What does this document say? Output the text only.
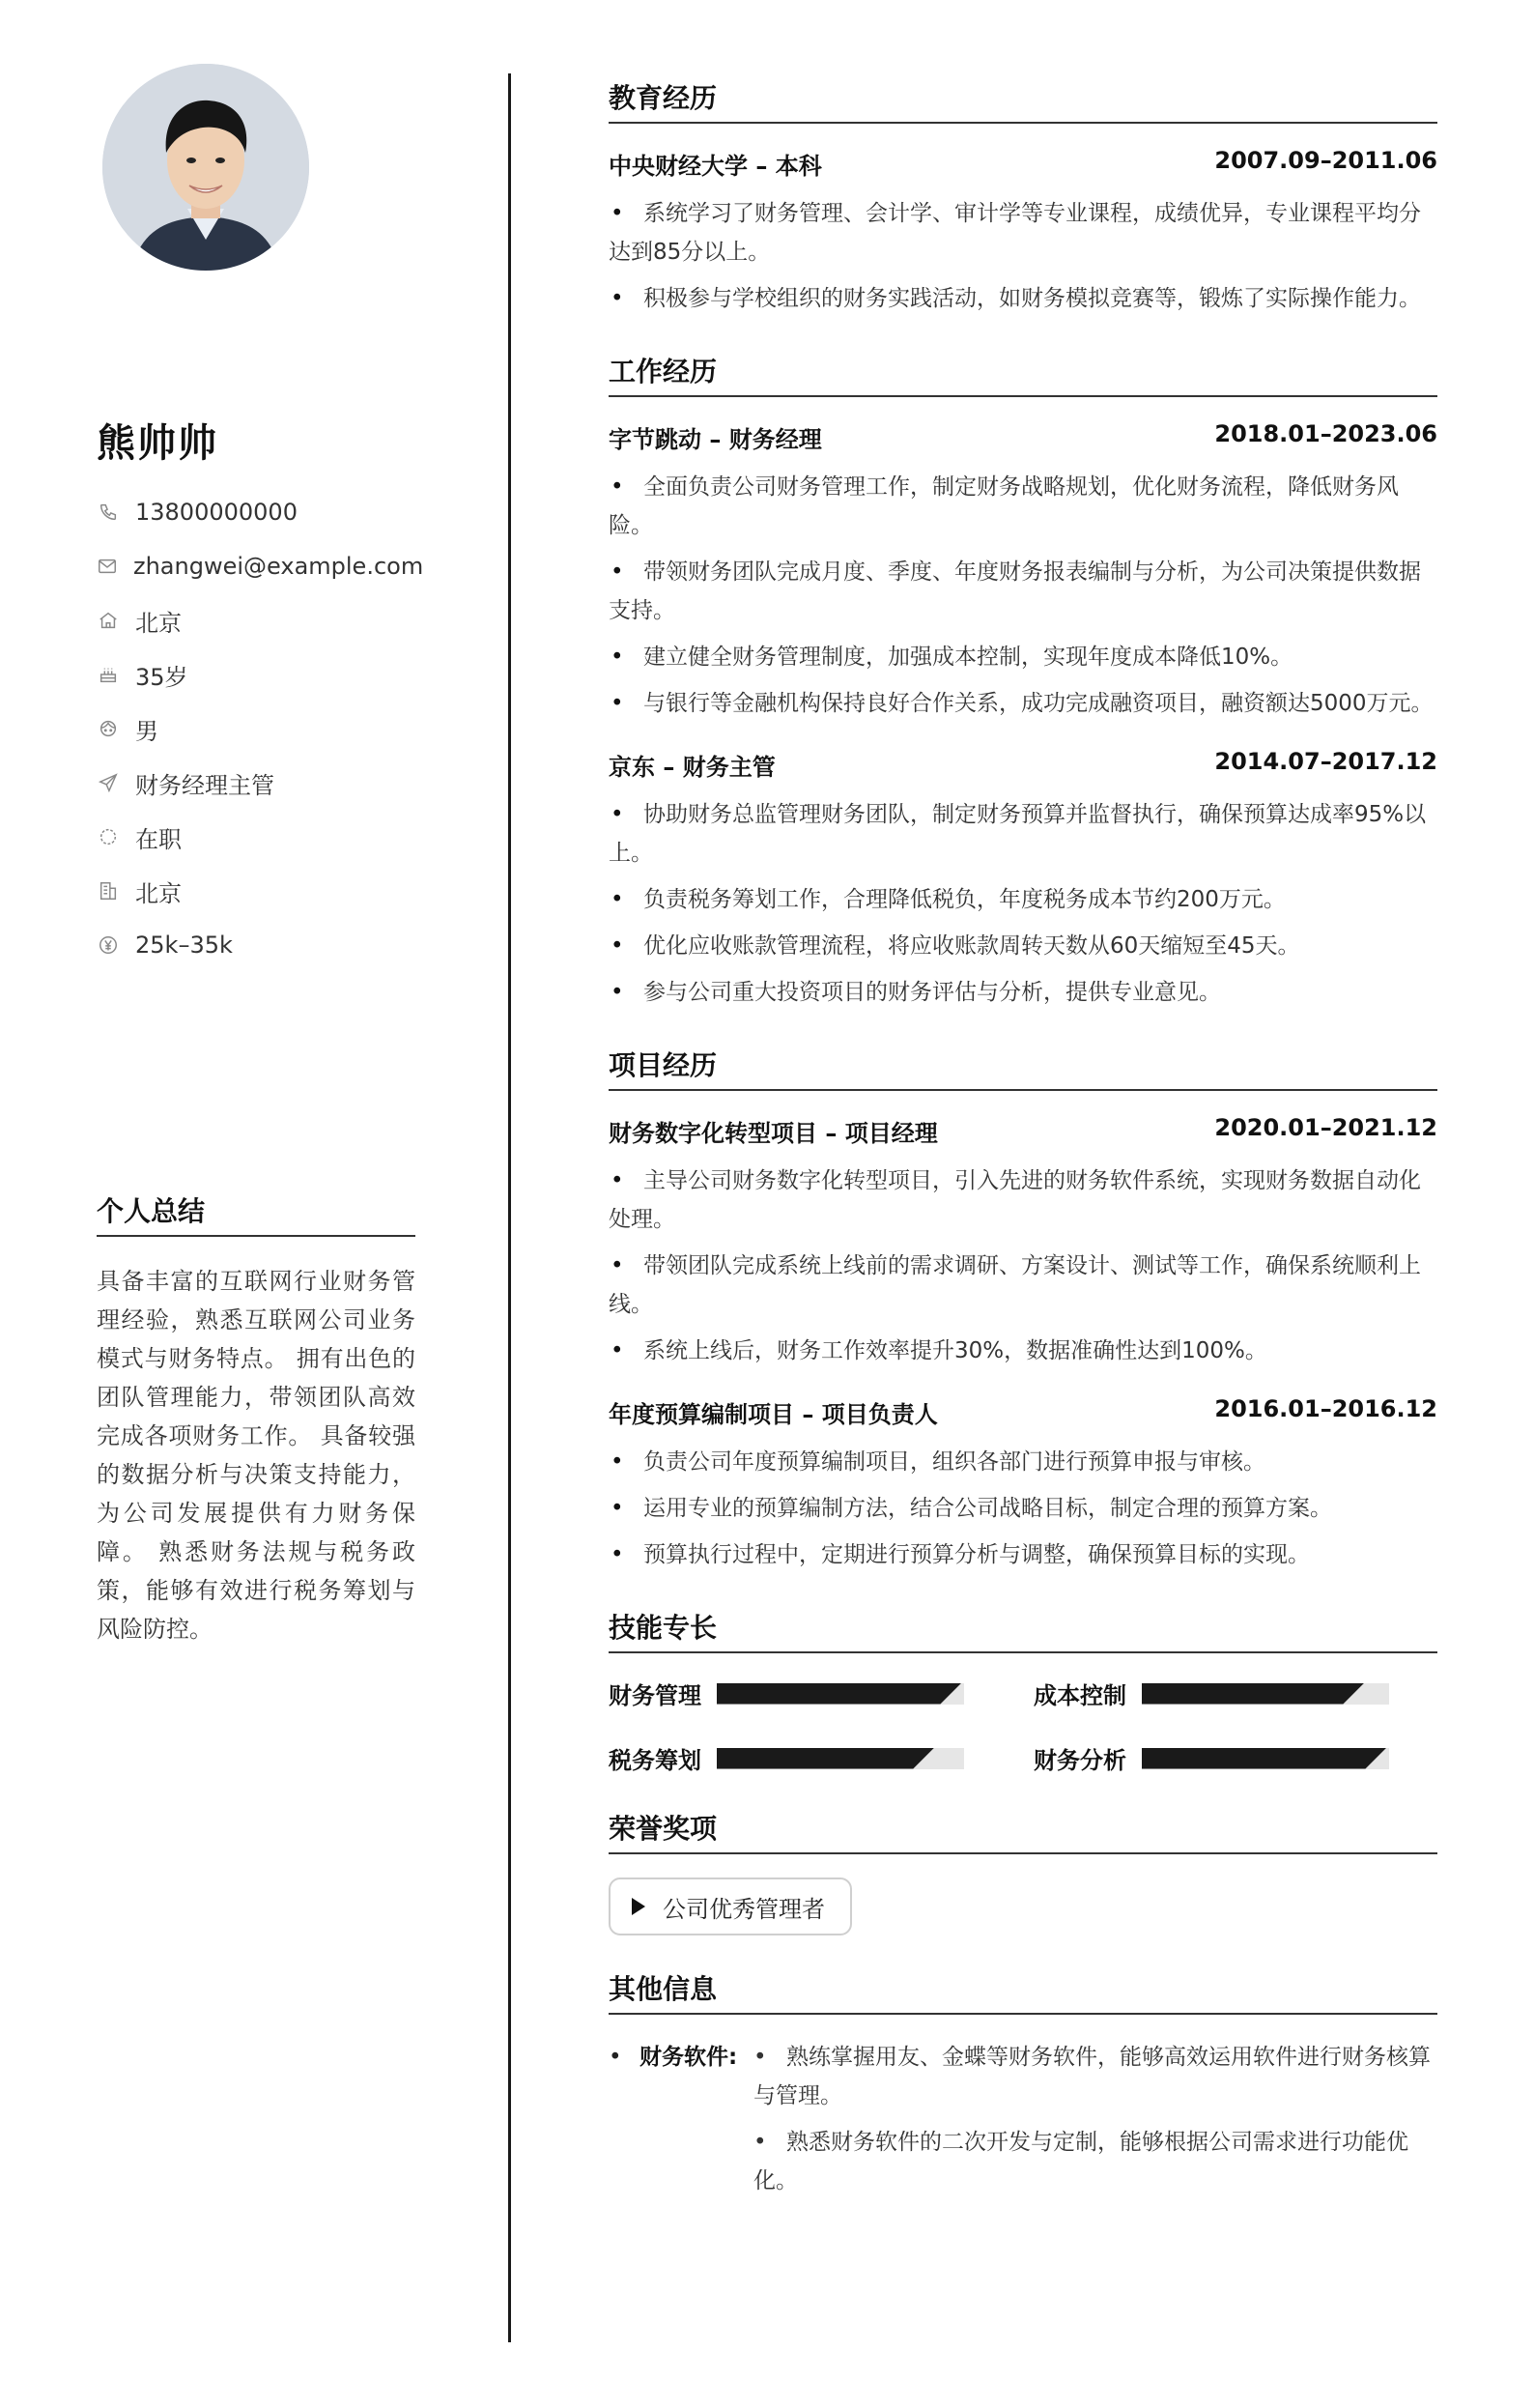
熊帅帅
13800000000
zhangwei@example.com
北京
35岁
男
财务经理主管
在职
北京
25k–35k
个人总结
具备丰富的互联网行业财务管理经验，熟悉互联网公司业务模式与财务特点。 拥有出色的团队管理能力，带领团队高效完成各项财务工作。 具备较强的数据分析与决策支持能力，为公司发展提供有力财务保障。 熟悉财务法规与税务政策，能够有效进行税务筹划与风险防控。
教育经历
中央财经大学 – 本科	2007.09–2011.06
• 系统学习了财务管理、会计学、审计学等专业课程，成绩优异，专业课程平均分达到85分以上。
• 积极参与学校组织的财务实践活动，如财务模拟竞赛等，锻炼了实际操作能力。
工作经历
字节跳动 – 财务经理	2018.01–2023.06
• 全面负责公司财务管理工作，制定财务战略规划，优化财务流程，降低财务风险。
• 带领财务团队完成月度、季度、年度财务报表编制与分析，为公司决策提供数据支持。
• 建立健全财务管理制度，加强成本控制，实现年度成本降低10%。
• 与银行等金融机构保持良好合作关系，成功完成融资项目，融资额达5000万元。
京东 – 财务主管	2014.07–2017.12
• 协助财务总监管理财务团队，制定财务预算并监督执行，确保预算达成率95%以上。
• 负责税务筹划工作，合理降低税负，年度税务成本节约200万元。
• 优化应收账款管理流程，将应收账款周转天数从60天缩短至45天。
• 参与公司重大投资项目的财务评估与分析，提供专业意见。
项目经历
财务数字化转型项目 – 项目经理	2020.01–2021.12
• 主导公司财务数字化转型项目，引入先进的财务软件系统，实现财务数据自动化处理。
• 带领团队完成系统上线前的需求调研、方案设计、测试等工作，确保系统顺利上线。
• 系统上线后，财务工作效率提升30%，数据准确性达到100%。
年度预算编制项目 – 项目负责人	2016.01–2016.12
• 负责公司年度预算编制项目，组织各部门进行预算申报与审核。
• 运用专业的预算编制方法，结合公司战略目标，制定合理的预算方案。
• 预算执行过程中，定期进行预算分析与调整，确保预算目标的实现。
技能专长
财务管理	成本控制
税务筹划	财务分析
荣誉奖项
公司优秀管理者
其他信息
• 财务软件: • 熟练掌握用友、金蝶等财务软件，能够高效运用软件进行财务核算与管理。
• 熟悉财务软件的二次开发与定制，能够根据公司需求进行功能优化。
